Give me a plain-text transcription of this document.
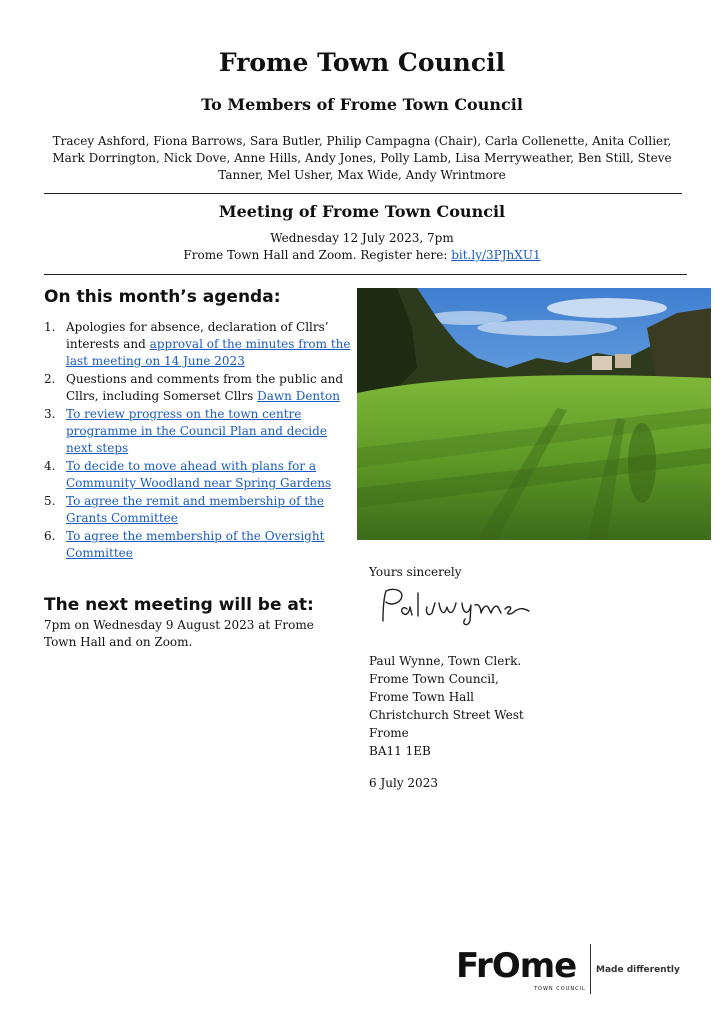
Frome Town Council
To Members of Frome Town Council
Tracey Ashford, Fiona Barrows, Sara Butler, Philip Campagna (Chair), Carla Collenette, Anita Collier, Mark Dorrington, Nick Dove, Anne Hills, Andy Jones, Polly Lamb, Lisa Merryweather, Ben Still, Steve Tanner, Mel Usher, Max Wide, Andy Wrintmore
Meeting of Frome Town Council
Wednesday 12 July 2023, 7pm
Frome Town Hall and Zoom. Register here: bit.ly/3PJhXU1
On this month’s agenda:
1. Apologies for absence, declaration of Cllrs’ interests and approval of the minutes from the last meeting on 14 June 2023
2. Questions and comments from the public and Cllrs, including Somerset Cllrs Dawn Denton
3. To review progress on the town centre programme in the Council Plan and decide next steps
4. To decide to move ahead with plans for a Community Woodland near Spring Gardens
5. To agree the remit and membership of the Grants Committee
6. To agree the membership of the Oversight Committee
The next meeting will be at:
7pm on Wednesday 9 August 2023 at Frome Town Hall and on Zoom.
Yours sincerely
Paul Wynne, Town Clerk.
Frome Town Council,
Frome Town Hall
Christchurch Street West
Frome
BA11 1EB
6 July 2023
FrOme
TOWN COUNCIL
Made differently
